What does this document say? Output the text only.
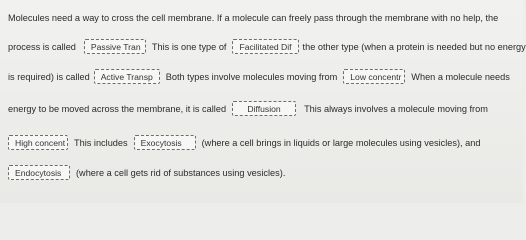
Molecules need a way to cross the cell membrane. If a molecule can freely pass through the membrane with no help, the
process is called Passive Tran This is one type of Facilitated Dif the other type (when a protein is needed but no energy
is required) is called Active Transp Both types involve molecules moving from Low concentr When a molecule needs
energy to be moved across the membrane, it is called Diffusion	This always involves a molecule moving from
High concent This includes Exocytosis (where a cell brings in liquids or large molecules using vesicles), and
Endocytosis (where a cell gets rid of substances using vesicles).
